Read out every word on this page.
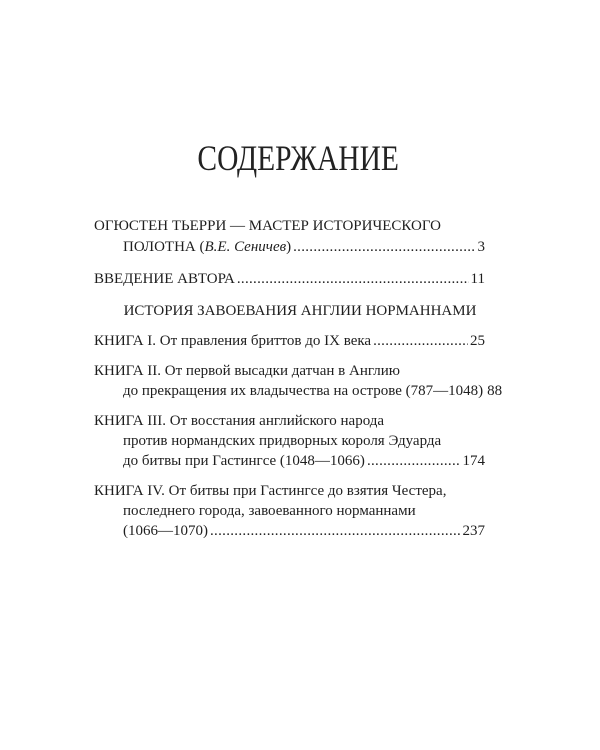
СОДЕРЖАНИЕ
ОГЮСТЕН ТЬЕРРИ — МАСТЕР ИСТОРИЧЕСКОГО
ПОЛОТНА (В.Е. Сеничев) .....	3
ВВЕДЕНИЕ АВТОРА .....	11
ИСТОРИЯ ЗАВОЕВАНИЯ АНГЛИИ НОРМАННАМИ
КНИГА I. От правления бриттов до IX века .....	25
КНИГА II. От первой высадки датчан в Англию
до прекращения их владычества на острове (787—1048) 88
КНИГА III. От восстания английского народа
против нормандских придворных короля Эдуарда
до битвы при Гастингсе (1048—1066) .....	174
КНИГА IV. От битвы при Гастингсе до взятия Честера,
последнего города, завоеванного норманнами
(1066—1070) .....	237
